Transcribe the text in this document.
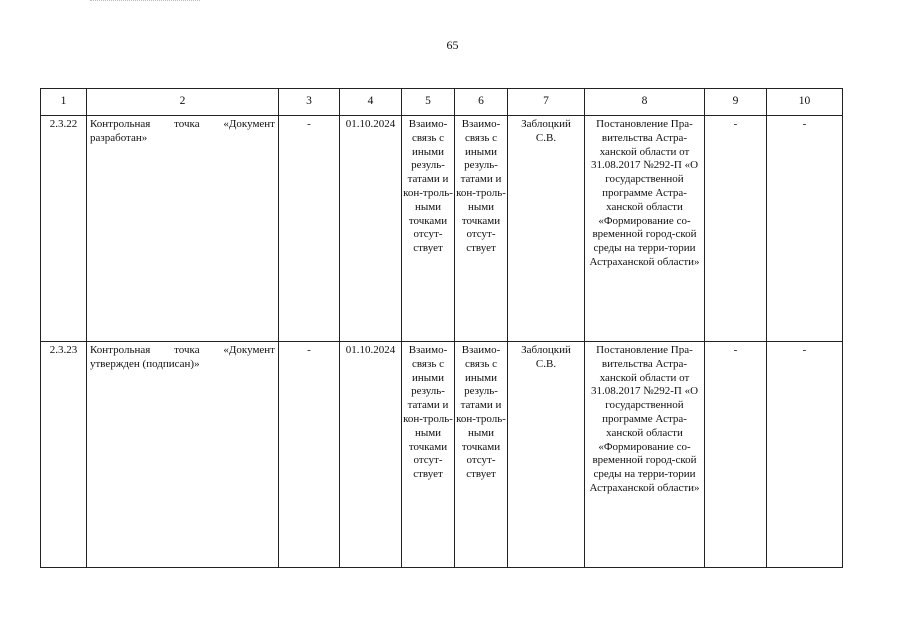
65
1	2	3	4	5	6	7	8	9	10
2.3.22	Контрольная точка «Документ разработан»	-	01.10.2024	Взаимо-связь с иными резуль-татами и кон-троль-ными точками отсут-ствует	Взаимо-связь с иными резуль-татами и кон-троль-ными точками отсут-ствует	Заблоцкий С.В.	Постановление Пра-вительства Астра-ханской области от 31.08.2017 №292-П «О государственной программе Астра-ханской области «Формирование со-временной город-ской среды на терри-тории Астраханской области»	-	-
2.3.23	Контрольная точка «Документ утвержден (подписан)»	-	01.10.2024	Взаимо-связь с иными резуль-татами и кон-троль-ными точками отсут-ствует	Взаимо-связь с иными резуль-татами и кон-троль-ными точками отсут-ствует	Заблоцкий С.В.	Постановление Пра-вительства Астра-ханской области от 31.08.2017 №292-П «О государственной программе Астра-ханской области «Формирование со-временной город-ской среды на терри-тории Астраханской области»	-	-
